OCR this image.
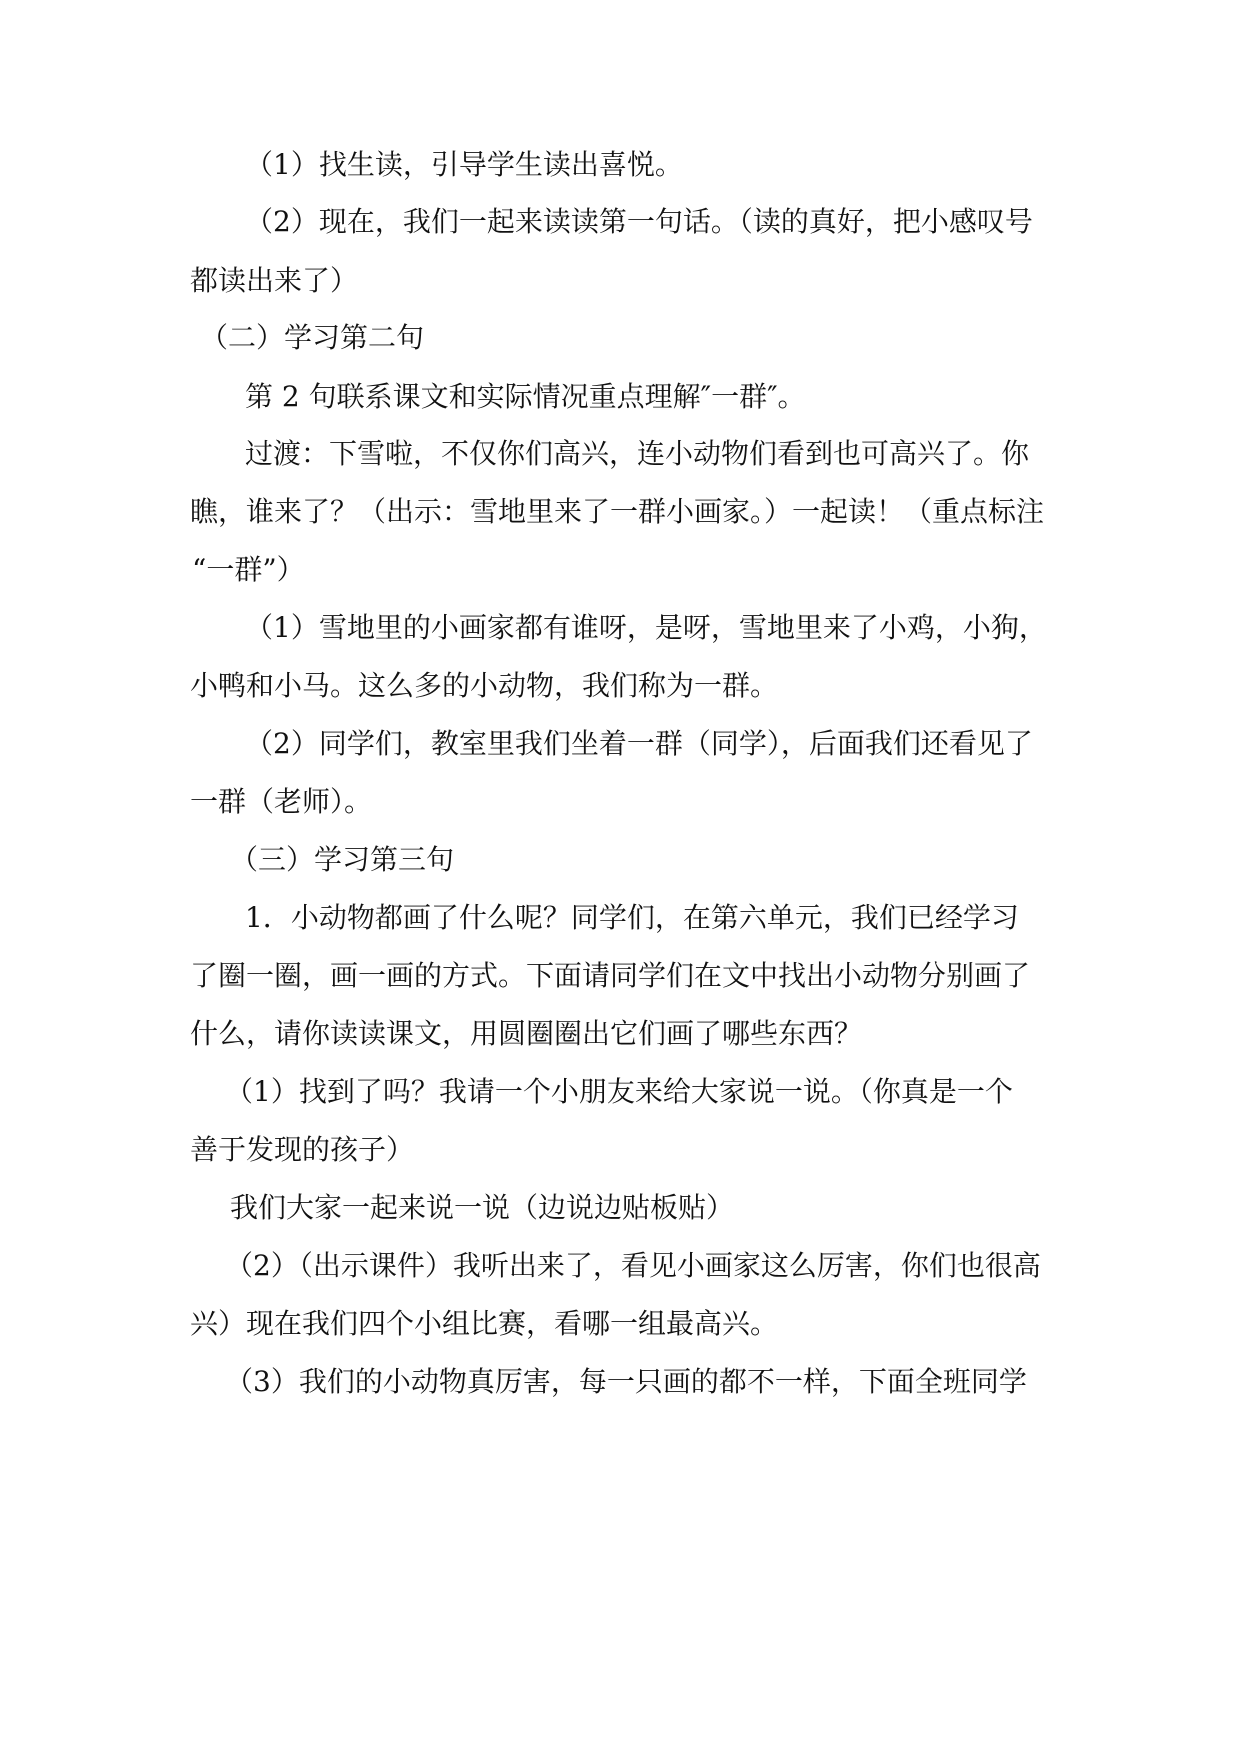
（1）找生读，引导学生读出喜悦。
（2）现在，我们一起来读读第一句话。（读的真好，把小感叹号
都读出来了）
（二）学习第二句
第 2 句联系课文和实际情况重点理解″一群″。
过渡：下雪啦，不仅你们高兴，连小动物们看到也可高兴了。你
瞧，谁来了？（出示：雪地里来了一群小画家。）一起读！（重点标注
“一群”）
（1）雪地里的小画家都有谁呀，是呀，雪地里来了小鸡，小狗，
小鸭和小马。这么多的小动物，我们称为一群。
（2）同学们，教室里我们坐着一群（同学），后面我们还看见了
一群（老师）。
（三）学习第三句
1．小动物都画了什么呢？同学们，在第六单元，我们已经学习
了圈一圈，画一画的方式。下面请同学们在文中找出小动物分别画了
什么，请你读读课文，用圆圈圈出它们画了哪些东西？
（1）找到了吗？我请一个小朋友来给大家说一说。（你真是一个
善于发现的孩子）
我们大家一起来说一说（边说边贴板贴）
（2）（出示课件）我听出来了，看见小画家这么厉害，你们也很高
兴）现在我们四个小组比赛，看哪一组最高兴。
（3）我们的小动物真厉害，每一只画的都不一样，下面全班同学
